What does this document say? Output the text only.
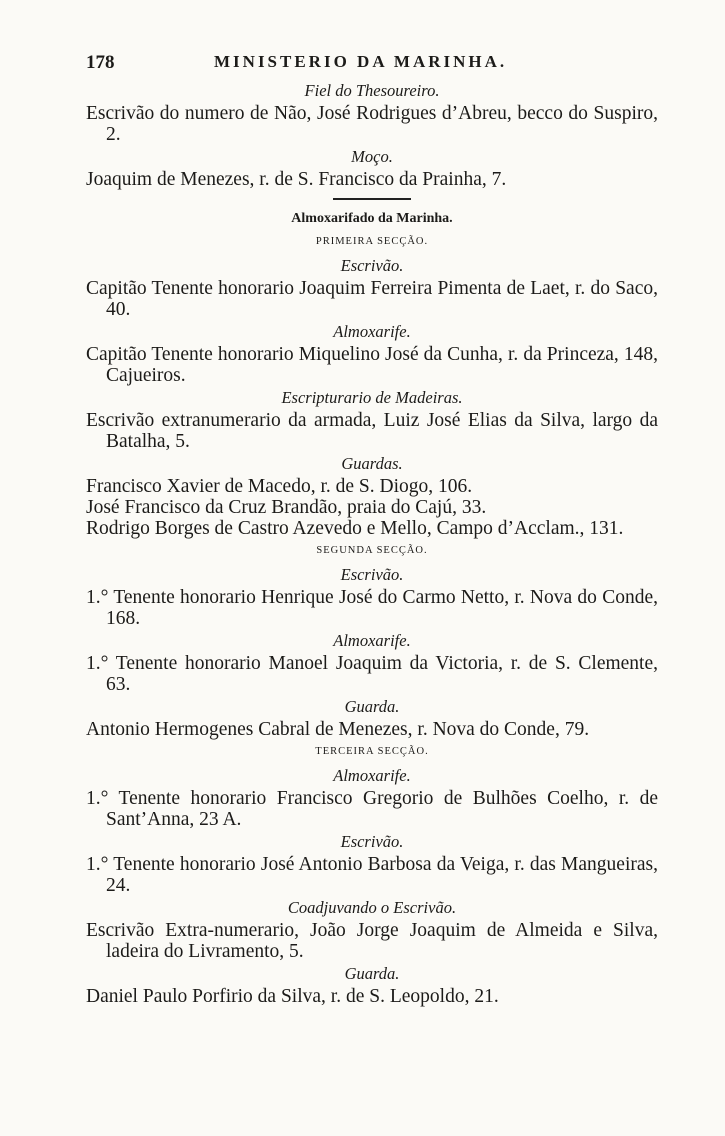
178	MINISTERIO DA MARINHA.
Fiel do Thesoureiro.
Escrivão do numero de Não, José Rodrigues d’Abreu, becco do Suspiro, 2.
Moço.
Joaquim de Menezes, r. de S. Francisco da Prainha, 7.
Almoxarifado da Marinha.
PRIMEIRA SECÇÃO.
Escrivão.
Capitão Tenente honorario Joaquim Ferreira Pimenta de Laet, r. do Saco, 40.
Almoxarife.
Capitão Tenente honorario Miquelino José da Cunha, r. da Princeza, 148, Cajueiros.
Escripturario de Madeiras.
Escrivão extranumerario da armada, Luiz José Elias da Silva, largo da Batalha, 5.
Guardas.
Francisco Xavier de Macedo, r. de S. Diogo, 106.
José Francisco da Cruz Brandão, praia do Cajú, 33.
Rodrigo Borges de Castro Azevedo e Mello, Campo d’Acclam., 131.
SEGUNDA SECÇÃO.
Escrivão.
1.° Tenente honorario Henrique José do Carmo Netto, r. Nova do Conde, 168.
Almoxarife.
1.° Tenente honorario Manoel Joaquim da Victoria, r. de S. Clemente, 63.
Guarda.
Antonio Hermogenes Cabral de Menezes, r. Nova do Conde, 79.
TERCEIRA SECÇÃO.
Almoxarife.
1.° Tenente honorario Francisco Gregorio de Bulhões Coelho, r. de Sant’Anna, 23 A.
Escrivão.
1.° Tenente honorario José Antonio Barbosa da Veiga, r. das Mangueiras, 24.
Coadjuvando o Escrivão.
Escrivão Extra-numerario, João Jorge Joaquim de Almeida e Silva, ladeira do Livramento, 5.
Guarda.
Daniel Paulo Porfirio da Silva, r. de S. Leopoldo, 21.
